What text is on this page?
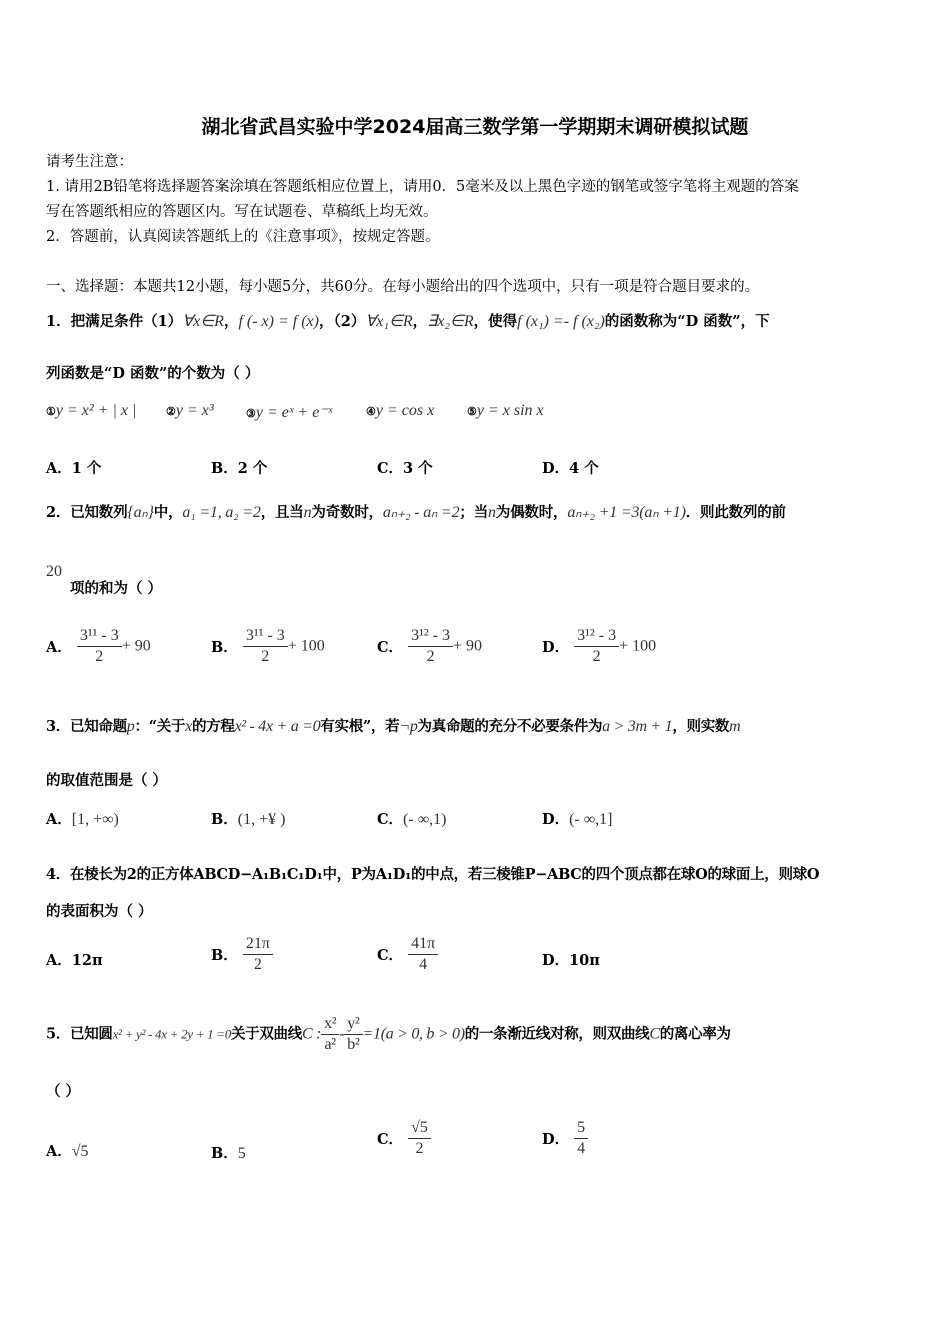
湖北省武昌实验中学2024届高三数学第一学期期末调研模拟试题
请考生注意：
1. 请用2B铅笔将选择题答案涂填在答题纸相应位置上，请用0．5毫米及以上黑色字迹的钢笔或签字笔将主观题的答案
写在答题纸相应的答题区内。写在试题卷、草稿纸上均无效。
2．答题前，认真阅读答题纸上的《注意事项》，按规定答题。
一、选择题：本题共12小题，每小题5分，共60分。在每小题给出的四个选项中，只有一项是符合题目要求的。
1．把满足条件（1）∀x∈R，f (- x) = f (x)，（2）∀x₁∈R，∃x₂∈R，使得f (x₁) =- f (x₂)的函数称为“D 函数”，下
列函数是“D 函数”的个数为（ ）
①y = x² + | x |	②y = x³	③y = eˣ + e⁻ˣ	④y = cos x	⑤y = x sin x
A．1 个	B．2 个	C．3 个	D．4 个
2．已知数列{aₙ}中，a₁ =1, a₂ =2，且当n为奇数时，aₙ₊₂ - aₙ =2；当n为偶数时，aₙ₊₂ +1 =3(aₙ +1)．则此数列的前
20
项的和为（ ）
A． $\frac{\text{3¹¹ - 3}}{2} + 90$	B． $\frac{\text{3¹¹ - 3}}{2} + 100$	C． $\frac{\text{3¹² - 3}}{2} + 90$	D． $\frac{\text{3¹² - 3}}{2} + 100$
3．已知命题p：“关于x的方程x² - 4x + a =0有实根”，若¬p为真命题的充分不必要条件为a > 3m + 1，则实数m
的取值范围是（ ）
A．[1, +∞)	B．(1, +¥ )	C．(- ∞,1)	D．(- ∞,1]
4．在棱长为2的正方体ABCD−A₁B₁C₁D₁中，P为A₁D₁的中点，若三棱锥P−ABC的四个顶点都在球O的球面上，则球O
的表面积为（ ）
A．12π	B． $\frac{21\pi}{2}$	C． $\frac{41\pi}{4}$	D．10π
5．已知圆x² + y² - 4x + 2y + 1 =0关于双曲线C : $\frac{\text{x²}}{\text{a²}} - \frac{\text{y²}}{\text{b²}} =1(a > 0$, b > 0)的一条渐近线对称，则双曲线C的离心率为
（ ）
A．√5	B．5
C． $\frac{√5}{2}$	D． $\frac{5}{4}$
